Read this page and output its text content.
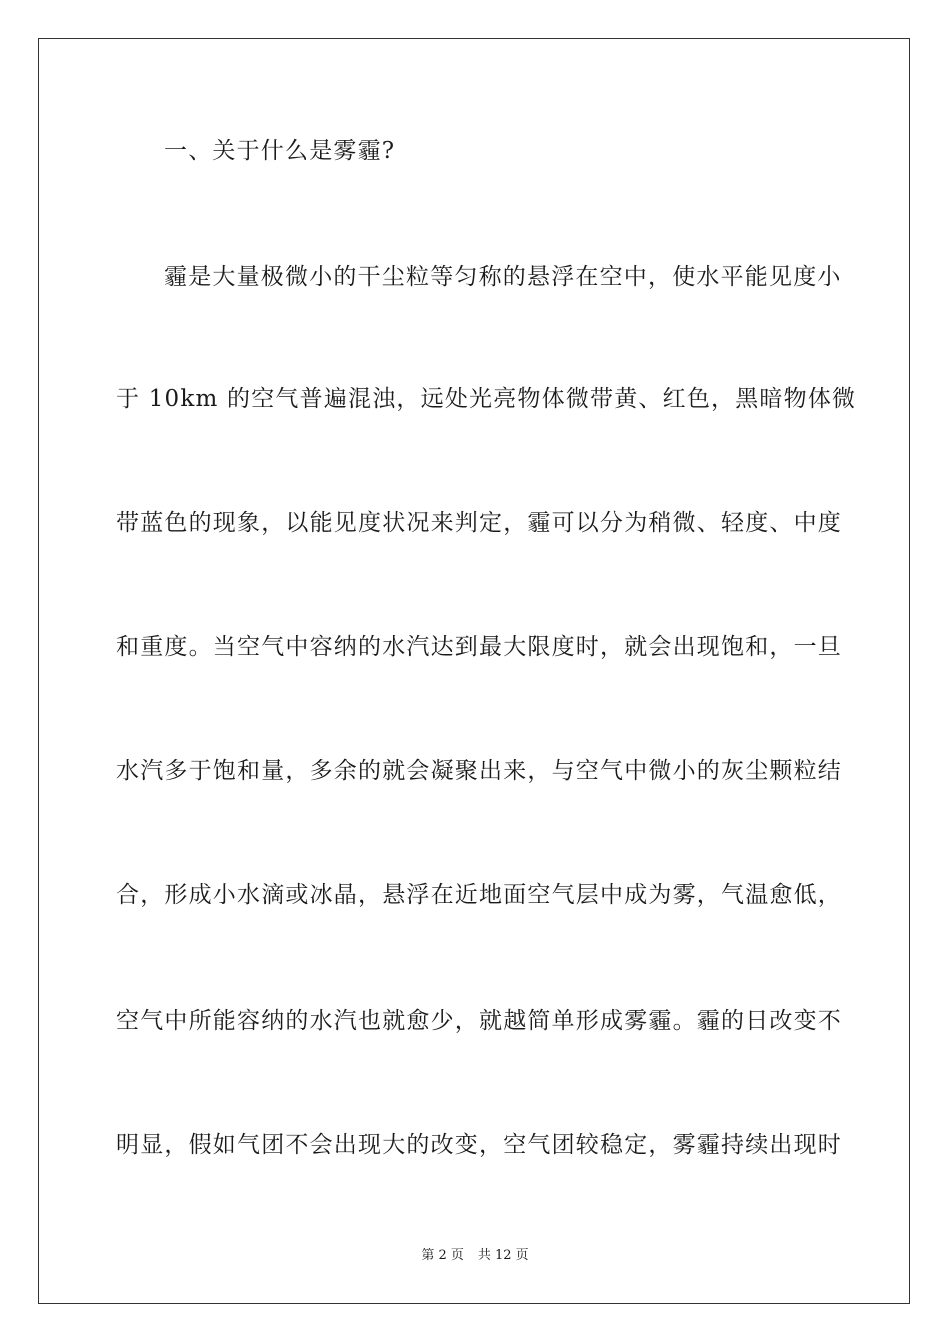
一、关于什么是雾霾?
霾是大量极微小的干尘粒等匀称的悬浮在空中，使水平能见度小
于 10km 的空气普遍混浊，远处光亮物体微带黄、红色，黑暗物体微
带蓝色的现象，以能见度状况来判定，霾可以分为稍微、轻度、中度
和重度。当空气中容纳的水汽达到最大限度时，就会出现饱和，一旦
水汽多于饱和量，多余的就会凝聚出来，与空气中微小的灰尘颗粒结
合，形成小水滴或冰晶，悬浮在近地面空气层中成为雾，气温愈低，
空气中所能容纳的水汽也就愈少，就越简单形成雾霾。霾的日改变不
明显，假如气团不会出现大的改变，空气团较稳定，雾霾持续出现时
第 2 页 共 12 页
